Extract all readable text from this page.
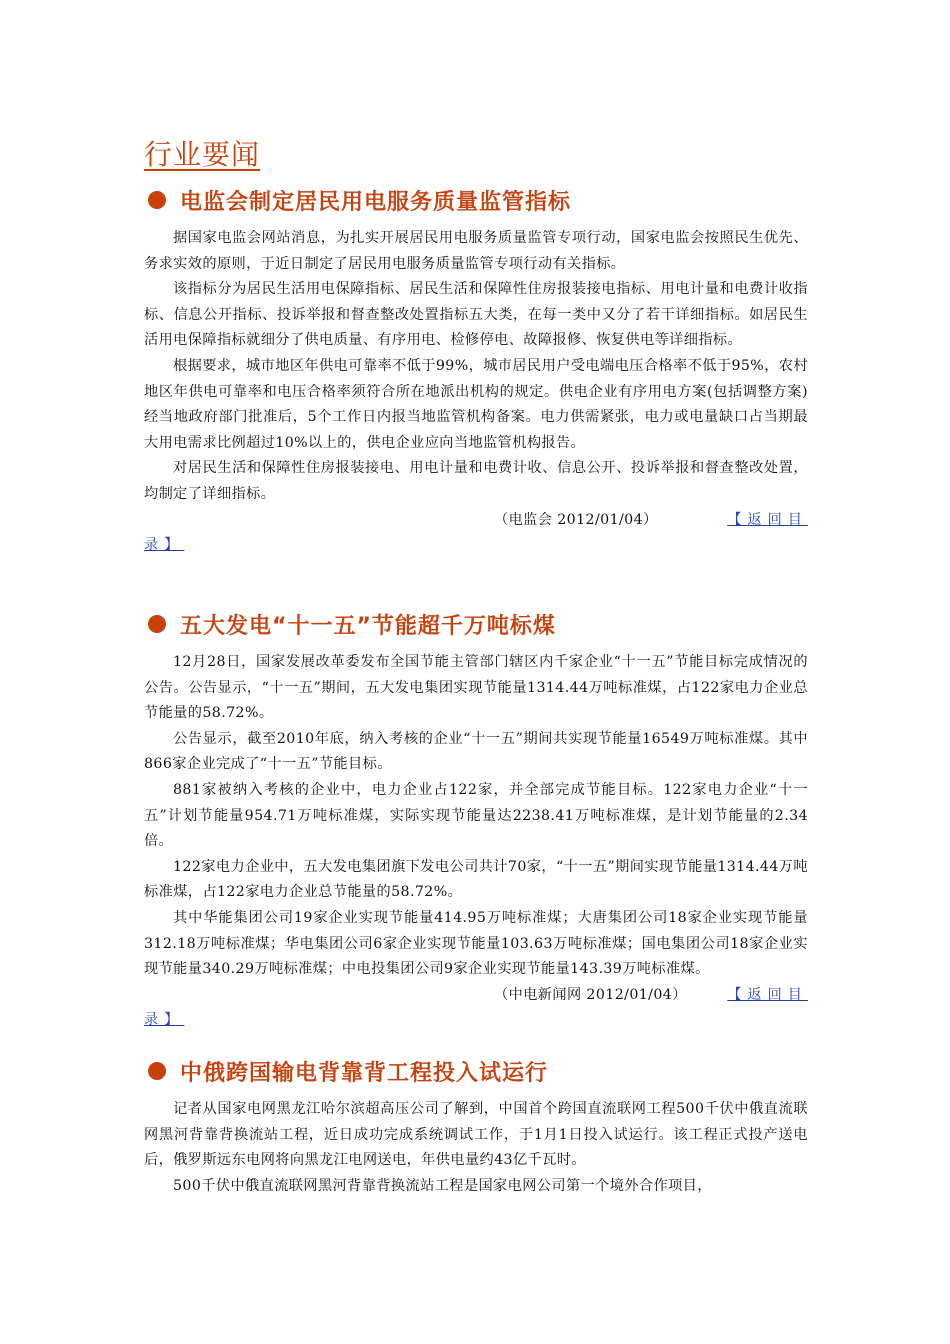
行业要闻
电监会制定居民用电服务质量监管指标

据国家电监会网站消息，为扎实开展居民用电服务质量监管专项行动，国家电监会按照民生优先、务求实效的原则，于近日制定了居民用电服务质量监管专项行动有关指标。

该指标分为居民生活用电保障指标、居民生活和保障性住房报装接电指标、用电计量和电费计收指标、信息公开指标、投诉举报和督查整改处置指标五大类，在每一类中又分了若干详细指标。如居民生活用电保障指标就细分了供电质量、有序用电、检修停电、故障报修、恢复供电等详细指标。

根据要求，城市地区年供电可靠率不低于99%，城市居民用户受电端电压合格率不低于95%，农村地区年供电可靠率和电压合格率须符合所在地派出机构的规定。供电企业有序用电方案(包括调整方案)经当地政府部门批准后，5个工作日内报当地监管机构备案。电力供需紧张，电力或电量缺口占当期最大用电需求比例超过10%以上的，供电企业应向当地监管机构报告。

对居民生活和保障性住房报装接电、用电计量和电费计收、信息公开、投诉举报和督查整改处置，均制定了详细指标。

（电监会 2012/01/04）	【返回目
录】
五大发电“十一五”节能超千万吨标煤

12月28日，国家发展改革委发布全国节能主管部门辖区内千家企业“十一五”节能目标完成情况的公告。公告显示，“十一五”期间，五大发电集团实现节能量1314.44万吨标准煤，占122家电力企业总节能量的58.72%。

公告显示，截至2010年底，纳入考核的企业“十一五”期间共实现节能量16549万吨标准煤。其中866家企业完成了“十一五”节能目标。

881家被纳入考核的企业中，电力企业占122家，并全部完成节能目标。122家电力企业“十一五”计划节能量954.71万吨标准煤，实际实现节能量达2238.41万吨标准煤，是计划节能量的2.34倍。

122家电力企业中，五大发电集团旗下发电公司共计70家，“十一五”期间实现节能量1314.44万吨标准煤，占122家电力企业总节能量的58.72%。

其中华能集团公司19家企业实现节能量414.95万吨标准煤；大唐集团公司18家企业实现节能量312.18万吨标准煤；华电集团公司6家企业实现节能量103.63万吨标准煤；国电集团公司18家企业实现节能量340.29万吨标准煤；中电投集团公司9家企业实现节能量143.39万吨标准煤。

（中电新闻网 2012/01/04）	【返回目
录】
中俄跨国输电背靠背工程投入试运行

记者从国家电网黑龙江哈尔滨超高压公司了解到，中国首个跨国直流联网工程500千伏中俄直流联网黑河背靠背换流站工程，近日成功完成系统调试工作，于1月1日投入试运行。该工程正式投产送电后，俄罗斯远东电网将向黑龙江电网送电，年供电量约43亿千瓦时。

500千伏中俄直流联网黑河背靠背换流站工程是国家电网公司第一个境外合作项目，
